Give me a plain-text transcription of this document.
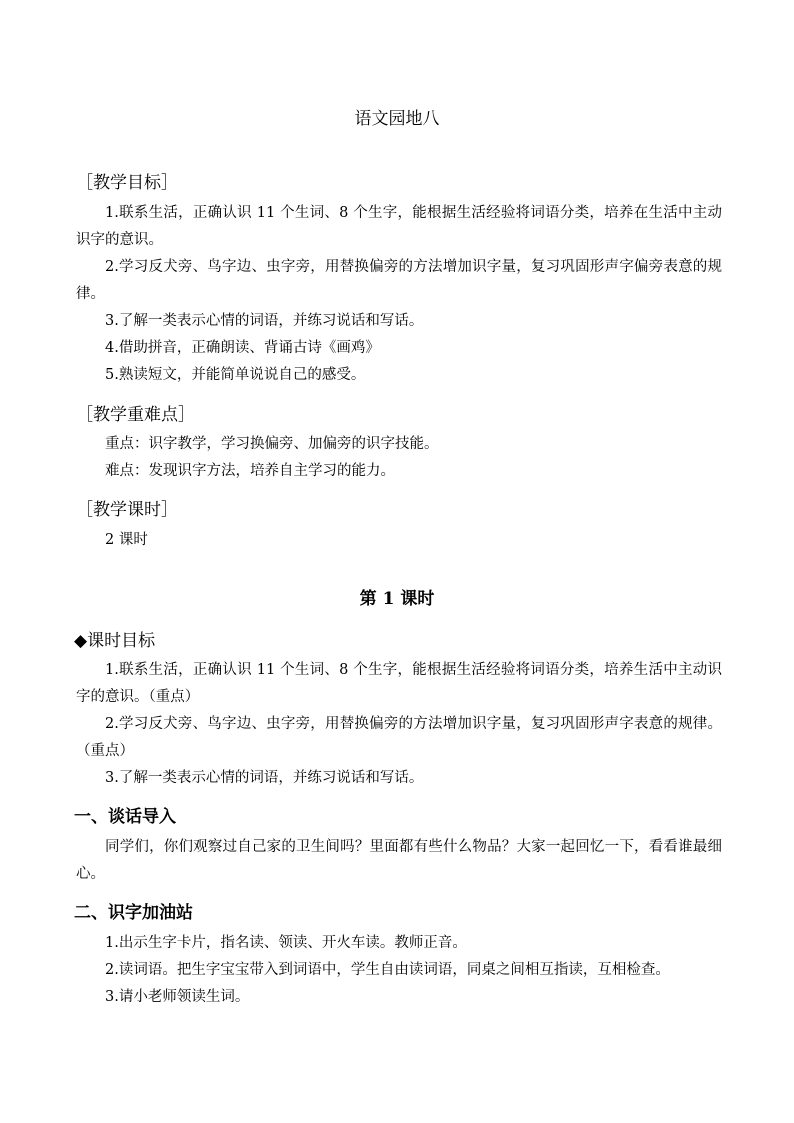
语文园地八
［教学目标］
1.联系生活，正确认识 11 个生词、8 个生字，能根据生活经验将词语分类，培养在生活中主动识字的意识。
2.学习反犬旁、鸟字边、虫字旁，用替换偏旁的方法增加识字量，复习巩固形声字偏旁表意的规律。
3.了解一类表示心情的词语，并练习说话和写话。
4.借助拼音，正确朗读、背诵古诗《画鸡》
5.熟读短文，并能简单说说自己的感受。
［教学重难点］
重点：识字教学，学习换偏旁、加偏旁的识字技能。
难点：发现识字方法，培养自主学习的能力。
［教学课时］
2 课时
第 1 课时
◆课时目标
1.联系生活，正确认识 11 个生词、8 个生字，能根据生活经验将词语分类，培养生活中主动识字的意识。（重点）
2.学习反犬旁、鸟字边、虫字旁，用替换偏旁的方法增加识字量，复习巩固形声字表意的规律。（重点）
3.了解一类表示心情的词语，并练习说话和写话。
一、谈话导入
同学们，你们观察过自己家的卫生间吗？里面都有些什么物品？大家一起回忆一下，看看谁最细心。
二、识字加油站
1.出示生字卡片，指名读、领读、开火车读。教师正音。
2.读词语。把生字宝宝带入到词语中，学生自由读词语，同桌之间相互指读，互相检查。
3.请小老师领读生词。
